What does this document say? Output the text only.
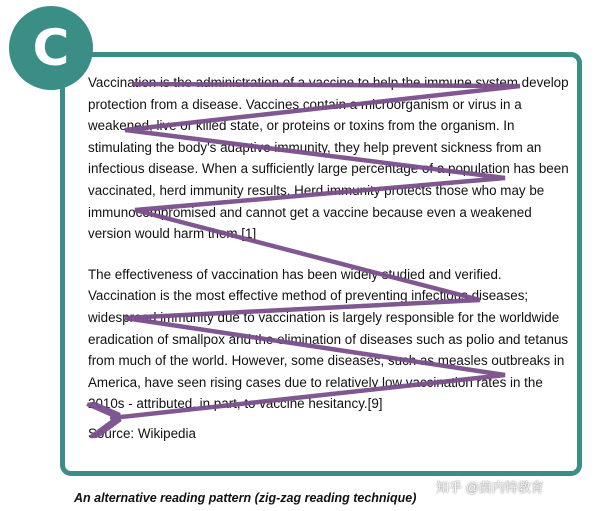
C

Vaccination is the administration of a vaccine to help the immune system develop protection from a disease. Vaccines contain a microorganism or virus in a weakened, live or killed state, or proteins or toxins from the organism. In stimulating the body's adaptive immunity, they help prevent sickness from an infectious disease. When a sufficiently large percentage of a population has been vaccinated, herd immunity results. Herd immunity protects those who may be immunocompromised and cannot get a vaccine because even a weakened version would harm them.[1]

The effectiveness of vaccination has been widely studied and verified. Vaccination is the most effective method of preventing infectious diseases; widespread immunity due to vaccination is largely responsible for the worldwide eradication of smallpox and the elimination of diseases such as polio and tetanus from much of the world. However, some diseases, such as measles outbreaks in America, have seen rising cases due to relatively low vaccination rates in the 2010s - attributed, in part, to vaccine hesitancy.[9]

Source: Wikipedia

An alternative reading pattern (zig-zag reading technique)
知乎 @茵内特教育
